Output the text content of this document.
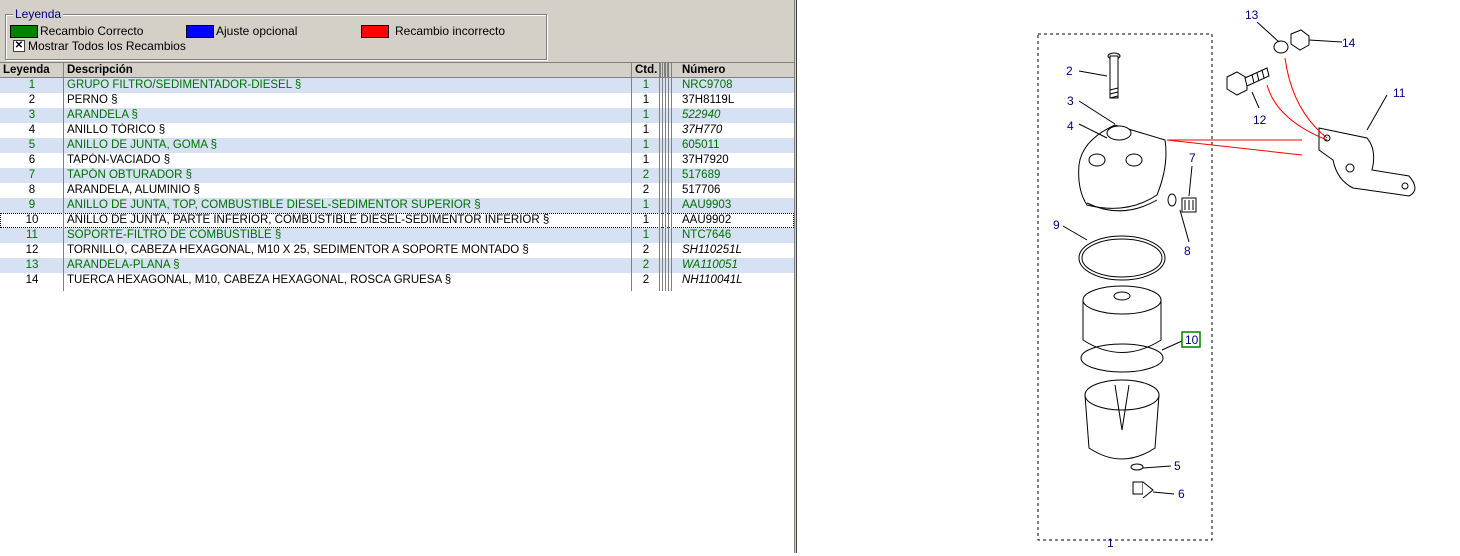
Leyenda
Recambio Correcto	Ajuste opcional	Recambio incorrecto
✕ Mostrar Todos los Recambios
Leyenda	Descripción	Ctd. Número
1	GRUPO FILTRO/SEDIMENTADOR-DIESEL §	1	NRC9708
2	PERNO §	1	37H8119L
3	ARANDELA §	1	522940
4	ANILLO TÓRICO §	1	37H770
5	ANILLO DE JUNTA, GOMA §	1	605011
6	TAPÓN-VACIADO §	1	37H7920
7	TAPÓN OBTURADOR §	2	517689
8	ARANDELA, ALUMINIO §	2	517706
9	ANILLO DE JUNTA, TOP, COMBUSTIBLE DIESEL-SEDIMENTOR SUPERIOR §	1	AAU9903
10	ANILLO DE JUNTA, PARTE INFERIOR, COMBUSTIBLE DIESEL-SEDIMENTOR INFERIOR §	1	AAU9902
11	SOPORTE-FILTRO DE COMBUSTIBLE §	1	NTC7646
12	TORNILLO, CABEZA HEXAGONAL, M10 X 25, SEDIMENTOR A SOPORTE MONTADO §	2	SH110251L
13	ARANDELA-PLANA §	2	WA110051
14	TUERCA HEXAGONAL, M10, CABEZA HEXAGONAL, ROSCA GRUESA §	2	NH110041L
2
3
4
7
8
9
10
11
12
13
14
5
6
1
